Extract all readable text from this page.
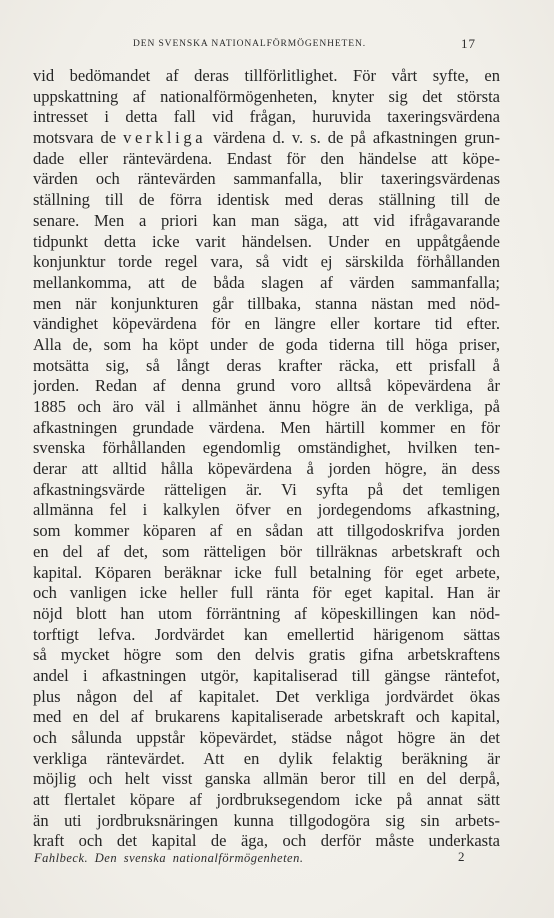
DEN SVENSKA NATIONALFÖRMÖGENHETEN.	17
vid bedömandet af deras tillförlitlighet. För vårt syfte, en
uppskattning af nationalförmögenheten, knyter sig det största
intresset i detta fall vid frågan, huruvida taxeringsvärdena
motsvara de verkliga värdena d. v. s. de på afkastningen grun-
dade eller räntevärdena. Endast för den händelse att köpe-
värden och räntevärden sammanfalla, blir taxeringsvärdenas
ställning till de förra identisk med deras ställning till de
senare. Men a priori kan man säga, att vid ifrågavarande
tidpunkt detta icke varit händelsen. Under en uppåtgående
konjunktur torde regel vara, så vidt ej särskilda förhållanden
mellankomma, att de båda slagen af värden sammanfalla;
men när konjunkturen går tillbaka, stanna nästan med nöd-
vändighet köpevärdena för en längre eller kortare tid efter.
Alla de, som ha köpt under de goda tiderna till höga priser,
motsätta sig, så långt deras krafter räcka, ett prisfall å
jorden. Redan af denna grund voro alltså köpevärdena år
1885 och äro väl i allmänhet ännu högre än de verkliga, på
afkastningen grundade värdena. Men härtill kommer en för
svenska förhållanden egendomlig omständighet, hvilken ten-
derar att alltid hålla köpevärdena å jorden högre, än dess
afkastningsvärde rätteligen är. Vi syfta på det temligen
allmänna fel i kalkylen öfver en jordegendoms afkastning,
som kommer köparen af en sådan att tillgodoskrifva jorden
en del af det, som rätteligen bör tillräknas arbetskraft och
kapital. Köparen beräknar icke full betalning för eget arbete,
och vanligen icke heller full ränta för eget kapital. Han är
nöjd blott han utom förräntning af köpeskillingen kan nöd-
torftigt lefva. Jordvärdet kan emellertid härigenom sättas
så mycket högre som den delvis gratis gifna arbetskraftens
andel i afkastningen utgör, kapitaliserad till gängse räntefot,
plus någon del af kapitalet. Det verkliga jordvärdet ökas
med en del af brukarens kapitaliserade arbetskraft och kapital,
och sålunda uppstår köpevärdet, städse något högre än det
verkliga räntevärdet. Att en dylik felaktig beräkning är
möjlig och helt visst ganska allmän beror till en del derpå,
att flertalet köpare af jordbruksegendom icke på annat sätt
än uti jordbruksnäringen kunna tillgodogöra sig sin arbets-
kraft och det kapital de äga, och derför måste underkasta
Fahlbeck. Den svenska nationalförmögenheten.	2
